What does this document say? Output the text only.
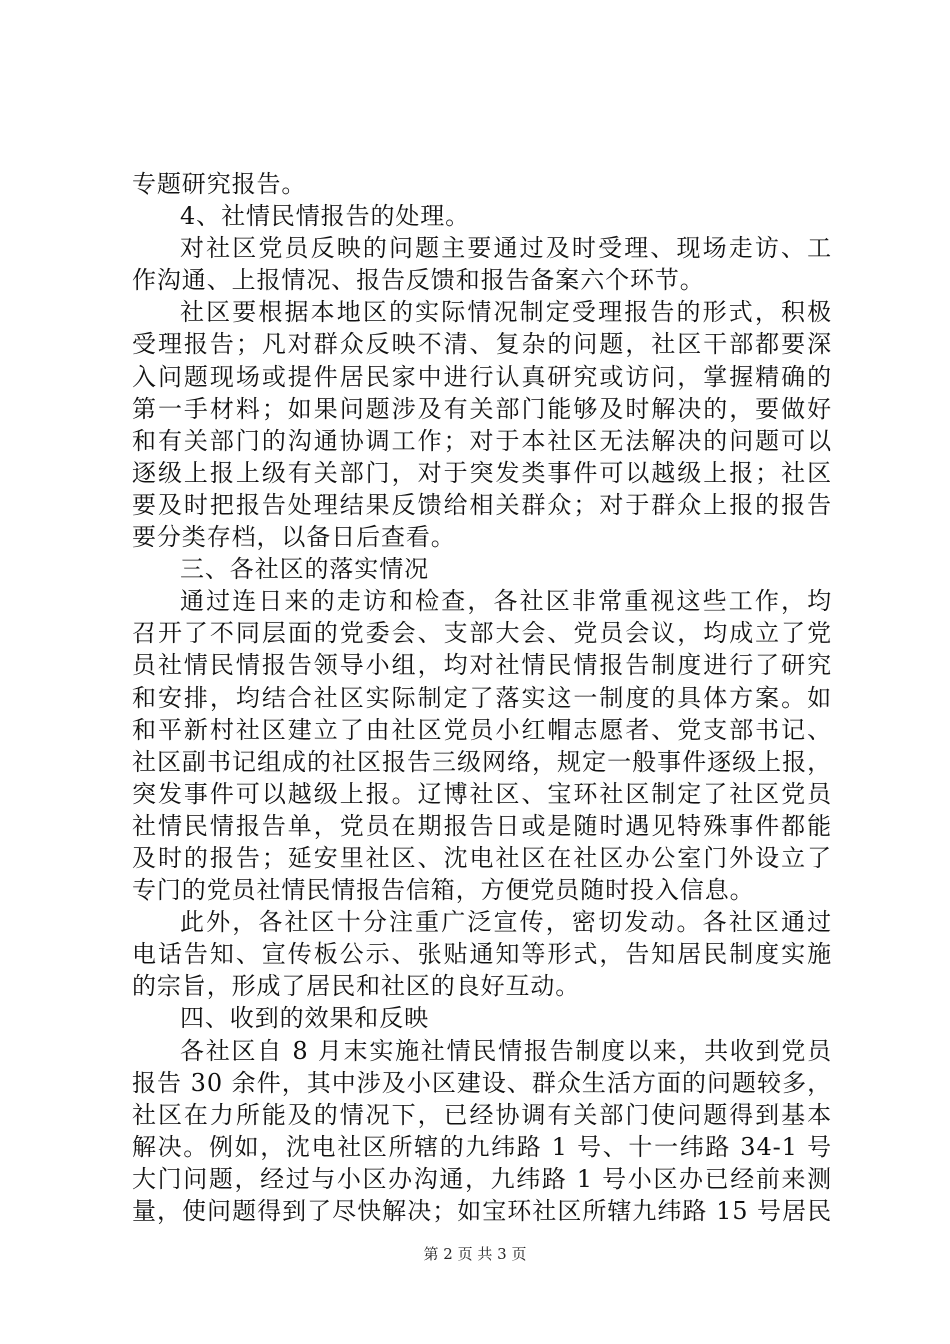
专题研究报告。
4、社情民情报告的处理。
对社区党员反映的问题主要通过及时受理、现场走访、工
作沟通、上报情况、报告反馈和报告备案六个环节。
社区要根据本地区的实际情况制定受理报告的形式，积极
受理报告；凡对群众反映不清、复杂的问题，社区干部都要深
入问题现场或提件居民家中进行认真研究或访问，掌握精确的
第一手材料；如果问题涉及有关部门能够及时解决的，要做好
和有关部门的沟通协调工作；对于本社区无法解决的问题可以
逐级上报上级有关部门，对于突发类事件可以越级上报；社区
要及时把报告处理结果反馈给相关群众；对于群众上报的报告
要分类存档，以备日后查看。
三、各社区的落实情况
通过连日来的走访和检查，各社区非常重视这些工作，均
召开了不同层面的党委会、支部大会、党员会议，均成立了党
员社情民情报告领导小组，均对社情民情报告制度进行了研究
和安排，均结合社区实际制定了落实这一制度的具体方案。如
和平新村社区建立了由社区党员小红帽志愿者、党支部书记、
社区副书记组成的社区报告三级网络，规定一般事件逐级上报，
突发事件可以越级上报。辽博社区、宝环社区制定了社区党员
社情民情报告单，党员在期报告日或是随时遇见特殊事件都能
及时的报告；延安里社区、沈电社区在社区办公室门外设立了
专门的党员社情民情报告信箱，方便党员随时投入信息。
此外，各社区十分注重广泛宣传，密切发动。各社区通过
电话告知、宣传板公示、张贴通知等形式，告知居民制度实施
的宗旨，形成了居民和社区的良好互动。
四、收到的效果和反映
各社区自 8 月末实施社情民情报告制度以来，共收到党员
报告 30 余件，其中涉及小区建设、群众生活方面的问题较多，
社区在力所能及的情况下，已经协调有关部门使问题得到基本
解决。例如，沈电社区所辖的九纬路 1 号、十一纬路 34-1 号
大门问题，经过与小区办沟通，九纬路 1 号小区办已经前来测
量，使问题得到了尽快解决；如宝环社区所辖九纬路 15 号居民
第 2 页 共 3 页
